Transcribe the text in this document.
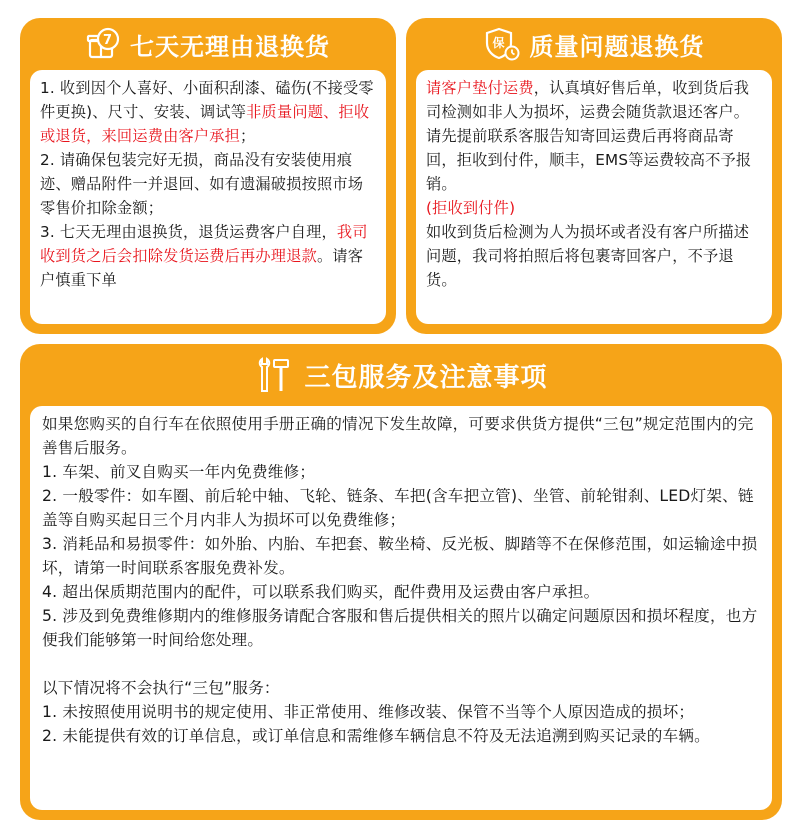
7 七天无理由退换货
1. 收到因个人喜好、小面积刮漆、磕伤(不接受零件更换)、尺寸、安装、调试等非质量问题、拒收或退货，来回运费由客户承担；
2. 请确保包装完好无损，商品没有安装使用痕迹、赠品附件一并退回、如有遗漏破损按照市场零售价扣除金额；
3. 七天无理由退换货，退货运费客户自理，我司收到货之后会扣除发货运费后再办理退款。请客户慎重下单
保 质量问题退换货
请客户垫付运费，认真填好售后单，收到货后我司检测如非人为损坏，运费会随货款退还客户。请先提前联系客服告知寄回运费后再将商品寄回，拒收到付件，顺丰，EMS等运费较高不予报销。
(拒收到付件)
如收到货后检测为人为损坏或者没有客户所描述问题，我司将拍照后将包裹寄回客户，不予退货。
三包服务及注意事项
如果您购买的自行车在依照使用手册正确的情况下发生故障，可要求供货方提供“三包”规定范围内的完善售后服务。
1. 车架、前叉自购买一年内免费维修；
2. 一般零件：如车圈、前后轮中轴、飞轮、链条、车把(含车把立管)、坐管、前轮钳刹、LED灯架、链盖等自购买起日三个月内非人为损坏可以免费维修；
3. 消耗品和易损零件：如外胎、内胎、车把套、鞍坐椅、反光板、脚踏等不在保修范围，如运输途中损坏，请第一时间联系客服免费补发。
4. 超出保质期范围内的配件，可以联系我们购买，配件费用及运费由客户承担。
5. 涉及到免费维修期内的维修服务请配合客服和售后提供相关的照片以确定问题原因和损坏程度，也方便我们能够第一时间给您处理。
以下情况将不会执行“三包”服务：
1. 未按照使用说明书的规定使用、非正常使用、维修改装、保管不当等个人原因造成的损坏；
2. 未能提供有效的订单信息，或订单信息和需维修车辆信息不符及无法追溯到购买记录的车辆。
